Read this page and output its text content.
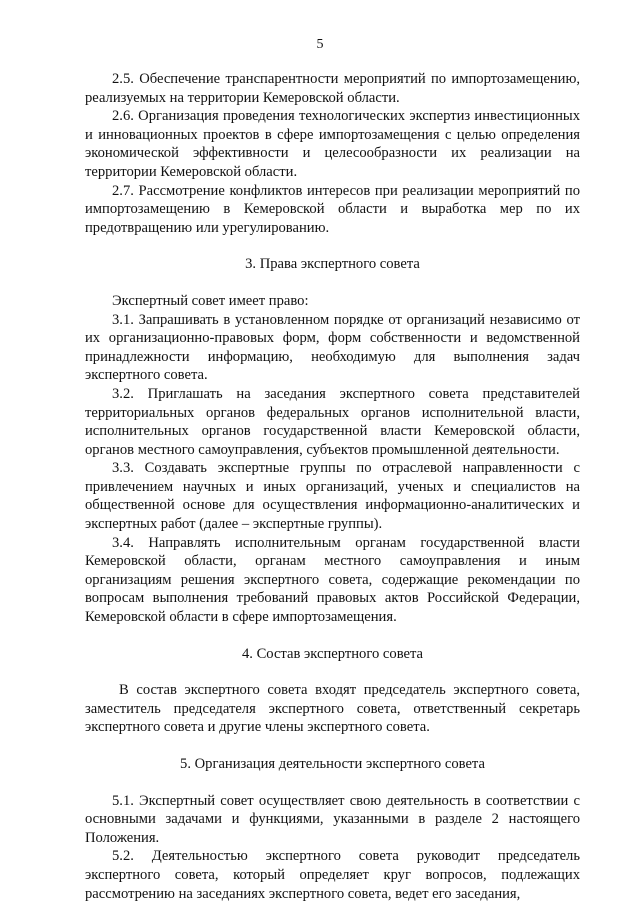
5

2.5. Обеспечение транспарентности мероприятий по импортозамещению, реализуемых на территории Кемеровской области.

2.6. Организация проведения технологических экспертиз инвестиционных и инновационных проектов в сфере импортозамещения с целью определения экономической эффективности и целесообразности их реализации на территории Кемеровской области.

2.7. Рассмотрение конфликтов интересов при реализации мероприятий по импортозамещению в Кемеровской области и выработка мер по их предотвращению или урегулированию.

3. Права экспертного совета

Экспертный совет имеет право:

3.1. Запрашивать в установленном порядке от организаций независимо от их организационно-правовых форм, форм собственности и ведомственной принадлежности информацию, необходимую для выполнения задач экспертного совета.

3.2. Приглашать на заседания экспертного совета представителей территориальных органов федеральных органов исполнительной власти, исполнительных органов государственной власти Кемеровской области, органов местного самоуправления, субъектов промышленной деятельности.

3.3. Создавать экспертные группы по отраслевой направленности с привлечением научных и иных организаций, ученых и специалистов на общественной основе для осуществления информационно-аналитических и экспертных работ (далее – экспертные группы).

3.4. Направлять исполнительным органам государственной власти Кемеровской области, органам местного самоуправления и иным организациям решения экспертного совета, содержащие рекомендации по вопросам выполнения требований правовых актов Российской Федерации, Кемеровской области в сфере импортозамещения.

4. Состав экспертного совета

В состав экспертного совета входят председатель экспертного совета, заместитель председателя экспертного совета, ответственный секретарь экспертного совета и другие члены экспертного совета.

5. Организация деятельности экспертного совета

5.1. Экспертный совет осуществляет свою деятельность в соответствии с основными задачами и функциями, указанными в разделе 2 настоящего Положения.

5.2. Деятельностью экспертного совета руководит председатель экспертного совета, который определяет круг вопросов, подлежащих рассмотрению на заседаниях экспертного совета, ведет его заседания,
